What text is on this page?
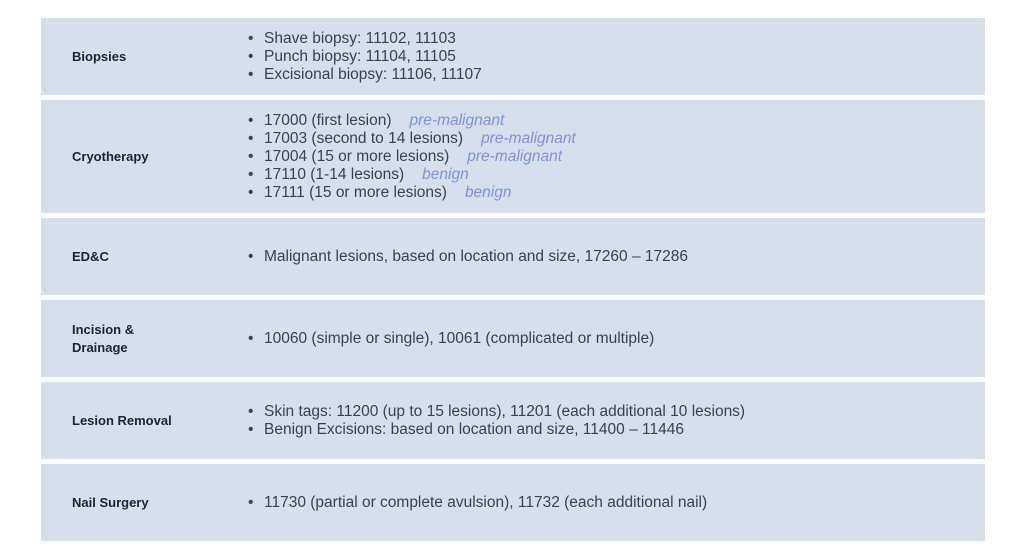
Biopsies
• Shave biopsy: 11102, 11103
• Punch biopsy: 11104, 11105
• Excisional biopsy: 11106, 11107
Cryotherapy
• 17000 (first lesion) pre-malignant
• 17003 (second to 14 lesions) pre-malignant
• 17004 (15 or more lesions) pre-malignant
• 17110 (1-14 lesions) benign
• 17111 (15 or more lesions) benign
ED&C	• Malignant lesions, based on location and size, 17260 – 17286
Incision & Drainage
• 10060 (simple or single), 10061 (complicated or multiple)
Lesion Removal
• Skin tags: 11200 (up to 15 lesions), 11201 (each additional 10 lesions)
• Benign Excisions: based on location and size, 11400 – 11446
Nail Surgery	• 11730 (partial or complete avulsion), 11732 (each additional nail)
